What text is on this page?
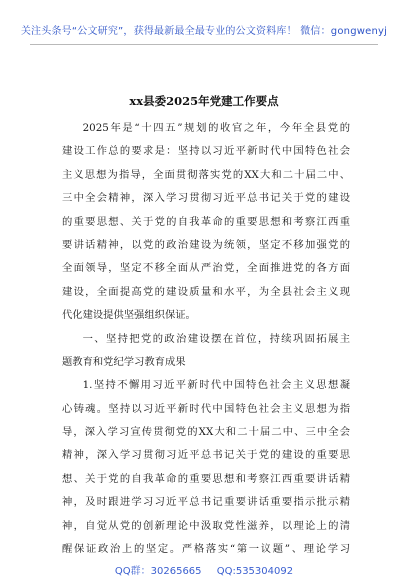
关注头条号“公文研究”，获得最新最全最专业的公文资料库！ 微信：gongwenyj
xx县委2025年党建工作要点
2025年是“十四五”规划的收官之年，今年全县党的
建设工作总的要求是：坚持以习近平新时代中国特色社会
主义思想为指导，全面贯彻落实党的XX大和二十届二中、
三中全会精神，深入学习贯彻习近平总书记关于党的建设
的重要思想、关于党的自我革命的重要思想和考察江西重
要讲话精神，以党的政治建设为统领，坚定不移加强党的
全面领导，坚定不移全面从严治党，全面推进党的各方面
建设，全面提高党的建设质量和水平，为全县社会主义现
代化建设提供坚强组织保证。
一、坚持把党的政治建设摆在首位，持续巩固拓展主
题教育和党纪学习教育成果
1.坚持不懈用习近平新时代中国特色社会主义思想凝
心铸魂。坚持以习近平新时代中国特色社会主义思想为指
导，深入学习宣传贯彻党的XX大和二十届二中、三中全会
精神，深入学习贯彻习近平总书记关于党的建设的重要思
想、关于党的自我革命的重要思想和考察江西重要讲话精
神，及时跟进学习习近平总书记重要讲话重要指示批示精
神，自觉从党的创新理论中汲取党性滋养，以理论上的清
醒保证政治上的坚定。严格落实“第一议题”、理论学习
QQ群：30265665 QQ:535304092
